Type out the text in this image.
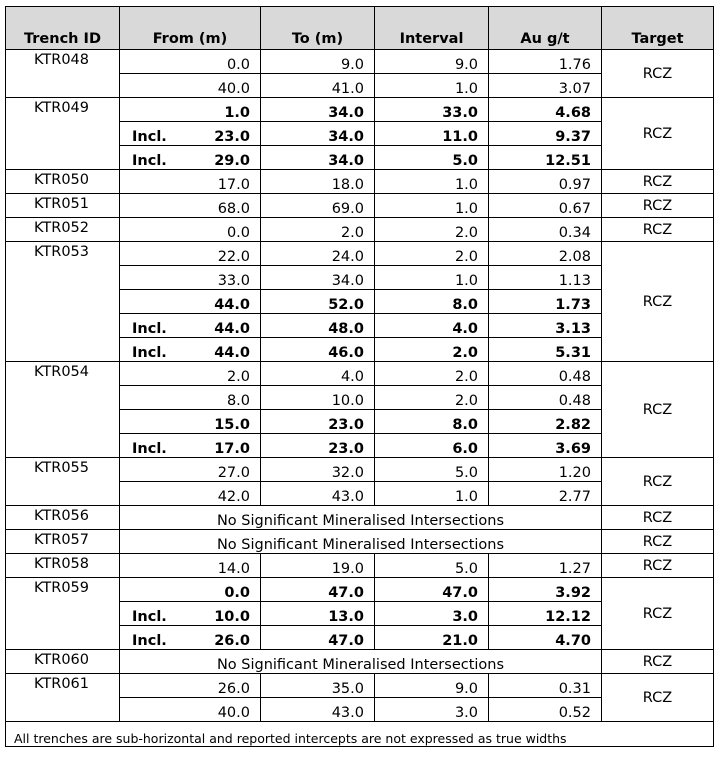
Trench ID	From (m)	To (m)	Interval	Au g/t	Target
KTR048	0.0	9.0	9.0	1.76	RCZ
	40.0	41.0	1.0	3.07	
KTR049	1.0	34.0	33.0	4.68	RCZ

	Incl. 23.0	34.0	11.0	9.37	

	Incl. 29.0	34.0	5.0	12.51	
KTR050	17.0	18.0	1.0	0.97	RCZ
KTR051	68.0	69.0	1.0	0.67	RCZ
KTR052	0.0	2.0	2.0	0.34	RCZ
KTR053	22.0	24.0	2.0	2.08	RCZ
	33.0	34.0	1.0	1.13	
	44.0	52.0	8.0	1.73	

	Incl. 44.0	48.0	4.0	3.13	

	Incl. 44.0	46.0	2.0	5.31	
KTR054	2.0	4.0	2.0	0.48	RCZ
	8.0	10.0	2.0	0.48	
	15.0	23.0	8.0	2.82	

	Incl. 17.0	23.0	6.0	3.69	
KTR055	27.0	32.0	5.0	1.20	RCZ
	42.0	43.0	1.0	2.77	
KTR056	No Significant Mineralised Intersections				RCZ
KTR057	No Significant Mineralised Intersections				RCZ
KTR058	14.0	19.0	5.0	1.27	RCZ
KTR059	0.0	47.0	47.0	3.92	RCZ

	Incl. 10.0	13.0	3.0	12.12	

	Incl. 26.0	47.0	21.0	4.70	
KTR060	No Significant Mineralised Intersections				RCZ
KTR061	26.0	35.0	9.0	0.31	RCZ
	40.0	43.0	3.0	0.52	
All trenches are sub-horizontal and reported intercepts are not expressed as true widths					
